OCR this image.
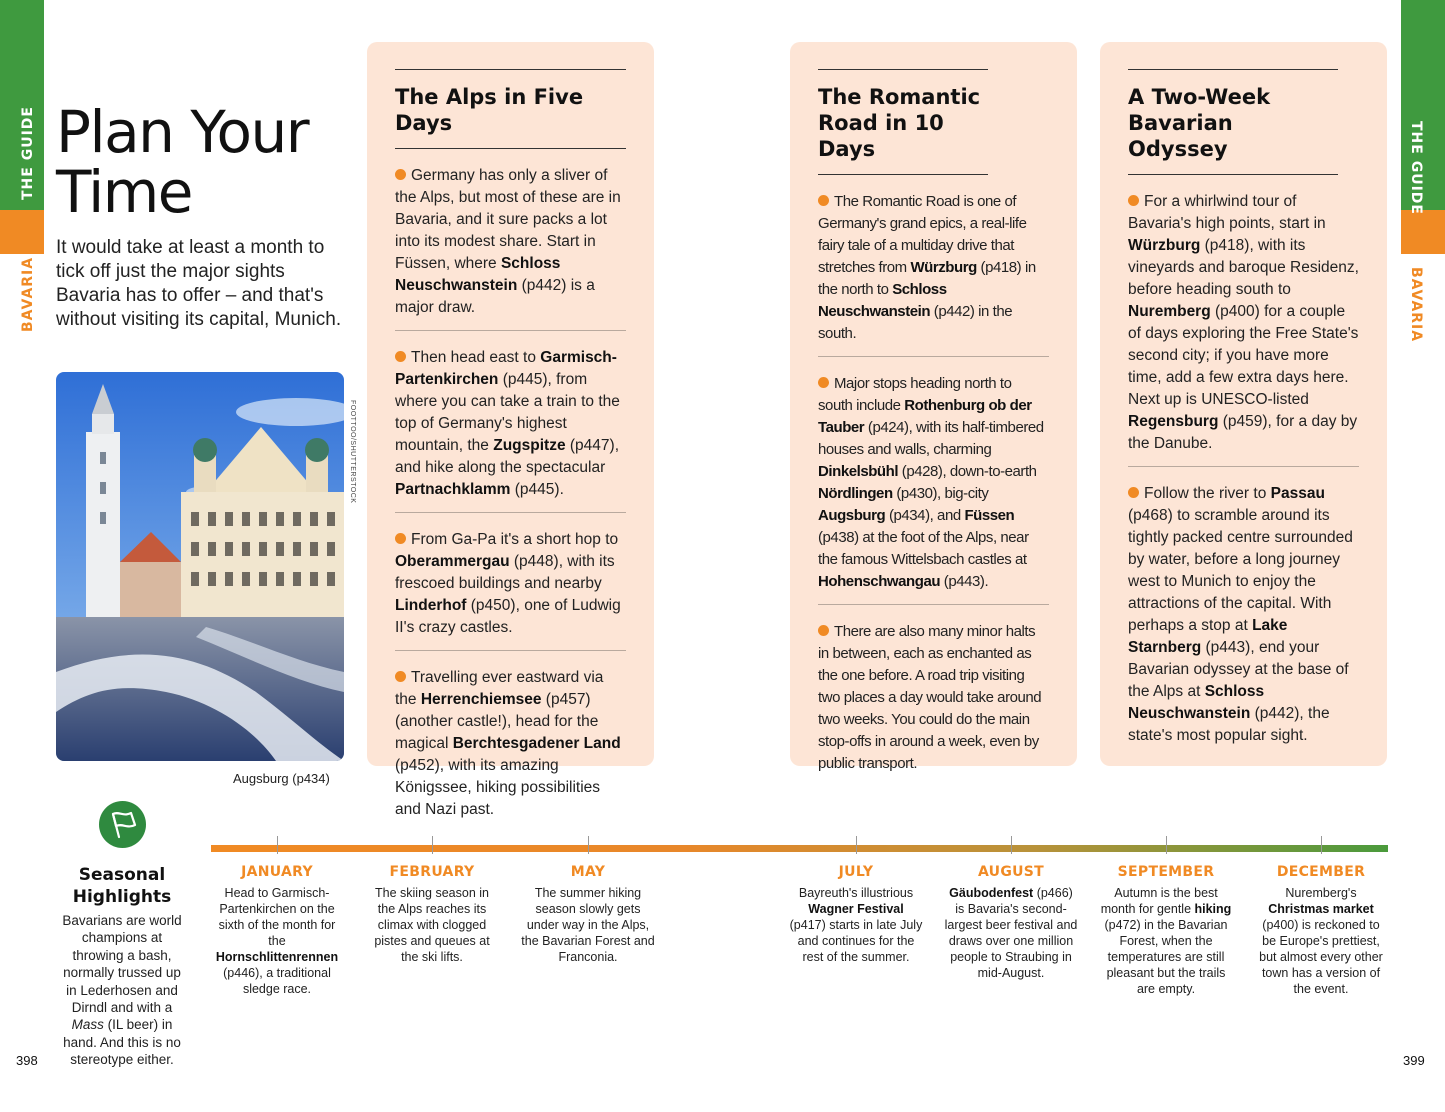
THE GUIDE
BAVARIA
THE GUIDE
BAVARIA
Plan Your
Time
It would take at least a month to tick off just the major sights Bavaria has to offer – and that's without visiting its capital, Munich.
FOOTTOO/SHUTTERSTOCK
Augsburg (p434)
The Alps in Five Days
Germany has only a sliver of the Alps, but most of these are in Bavaria, and it sure packs a lot into its modest share. Start in Füssen, where Schloss Neuschwanstein (p442) is a major draw.
Then head east to Garmisch-Partenkirchen (p445), from where you can take a train to the top of Germany's highest mountain, the Zugspitze (p447), and hike along the spectacular Partnachklamm (p445).
From Ga-Pa it's a short hop to Oberammergau (p448), with its frescoed buildings and nearby Linderhof (p450), one of Ludwig II's crazy castles.
Travelling ever eastward via the Herrenchiemsee (p457) (another castle!), head for the magical Berchtesgadener Land (p452), with its amazing Königssee, hiking possibilities and Nazi past.
The Romantic Road in 10 Days
The Romantic Road is one of Germany's grand epics, a real-life fairy tale of a multiday drive that stretches from Würzburg (p418) in the north to Schloss Neuschwanstein (p442) in the south.
Major stops heading north to south include Rothenburg ob der Tauber (p424), with its half-timbered houses and walls, charming Dinkelsbühl (p428), down-to-earth Nördlingen (p430), big-city Augsburg (p434), and Füssen (p438) at the foot of the Alps, near the famous Wittelsbach castles at Hohenschwangau (p443).
There are also many minor halts in between, each as enchanted as the one before. A road trip visiting two places a day would take around two weeks. You could do the main stop-offs in around a week, even by public transport.
A Two-Week Bavarian Odyssey
For a whirlwind tour of Bavaria's high points, start in Würzburg (p418), with its vineyards and baroque Residenz, before heading south to Nuremberg (p400) for a couple of days exploring the Free State's second city; if you have more time, add a few extra days here. Next up is UNESCO-listed Regensburg (p459), for a day by the Danube.
Follow the river to Passau (p468) to scramble around its tightly packed centre surrounded by water, before a long journey west to Munich to enjoy the attractions of the capital. With perhaps a stop at Lake Starnberg (p443), end your Bavarian odyssey at the base of the Alps at Schloss Neuschwanstein (p442), the state's most popular sight.
Seasonal Highlights
Bavarians are world champions at throwing a bash, normally trussed up in Lederhosen and Dirndl and with a Mass (IL beer) in hand. And this is no stereotype either.
JANUARY
Head to Garmisch-Partenkirchen on the sixth of the month for the Hornschlittenrennen (p446), a traditional sledge race.
FEBRUARY
The skiing season in the Alps reaches its climax with clogged pistes and queues at the ski lifts.
MAY
The summer hiking season slowly gets under way in the Alps, the Bavarian Forest and Franconia.
JULY
Bayreuth's illustrious Wagner Festival (p417) starts in late July and continues for the rest of the summer.
AUGUST
Gäubodenfest (p466) is Bavaria's second-largest beer festival and draws over one million people to Straubing in mid-August.
SEPTEMBER
Autumn is the best month for gentle hiking (p472) in the Bavarian Forest, when the temperatures are still pleasant but the trails are empty.
DECEMBER
Nuremberg's Christmas market (p400) is reckoned to be Europe's prettiest, but almost every other town has a version of the event.
398	399
